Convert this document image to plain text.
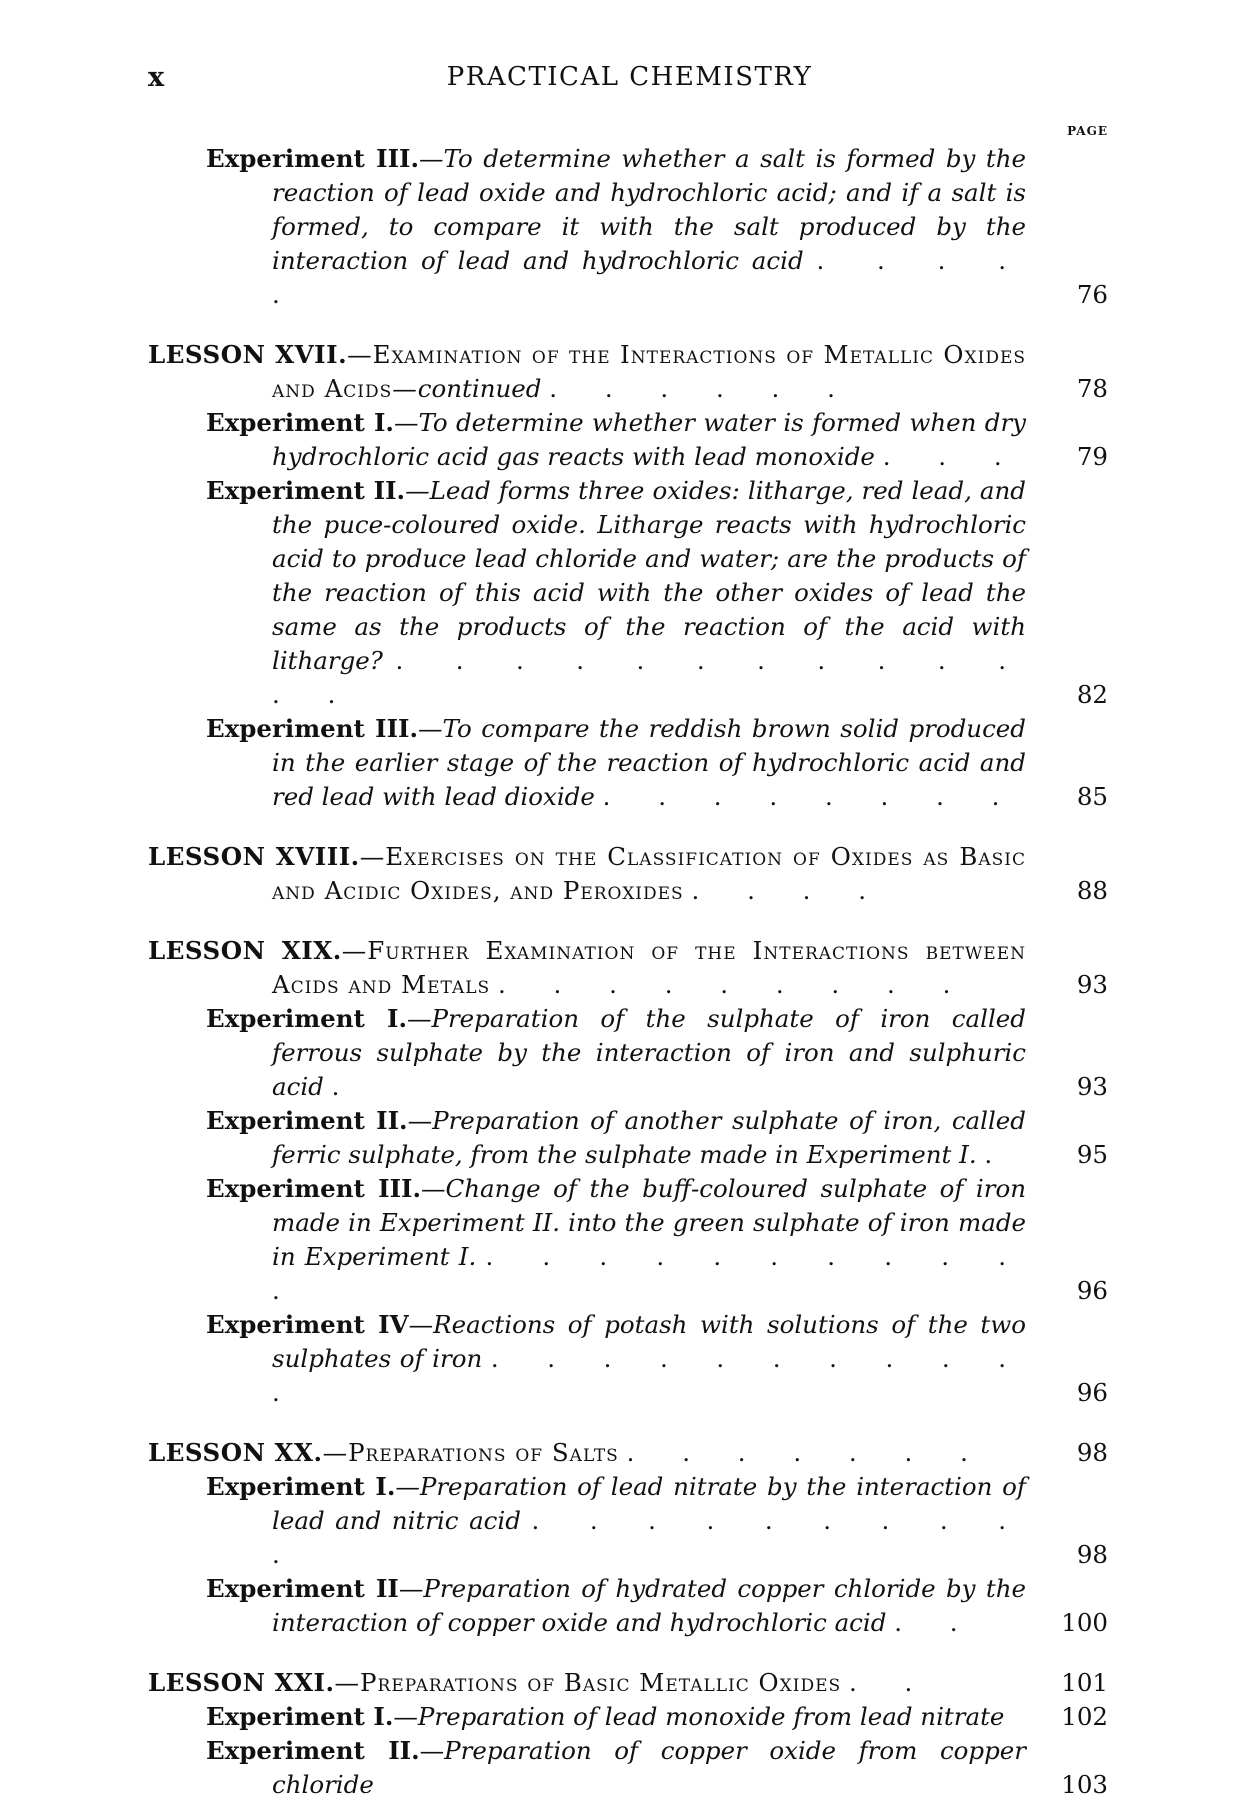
x	PRACTICAL CHEMISTRY
PAGE
Experiment III.—To determine whether a salt is formed by the reaction of lead oxide and hydrochloric acid; and if a salt is formed, to compare it with the salt produced by the interaction of lead and hydrochloric acid . . . . .	76
LESSON XVII.—Examination of the Interactions of Metallic Oxides and Acids—continued . . . . . .	78
Experiment I.—To determine whether water is formed when dry hydrochloric acid gas reacts with lead monoxide . . .	79
Experiment II.—Lead forms three oxides: litharge, red lead, and the puce-coloured oxide. Litharge reacts with hydrochloric acid to produce lead chloride and water; are the products of the reaction of this acid with the other oxides of lead the same as the products of the reaction of the acid with litharge? . . . . . . . . . . . . .	82
Experiment III.—To compare the reddish brown solid produced in the earlier stage of the reaction of hydrochloric acid and red lead with lead dioxide . . . . . . . .	85
LESSON XVIII.—Exercises on the Classification of Oxides as Basic and Acidic Oxides, and Peroxides . . . .	88
LESSON XIX.—Further Examination of the Interactions between Acids and Metals . . . . . . . . .	93
Experiment I.—Preparation of the sulphate of iron called ferrous sulphate by the interaction of iron and sulphuric acid .	93
Experiment II.—Preparation of another sulphate of iron, called ferric sulphate, from the sulphate made in Experiment I. .	95
Experiment III.—Change of the buff-coloured sulphate of iron made in Experiment II. into the green sulphate of iron made in Experiment I. . . . . . . . . . . .	96
Experiment IV—Reactions of potash with solutions of the two sulphates of iron . . . . . . . . . . .	96
LESSON XX.—Preparations of Salts . . . . . . .	98
Experiment I.—Preparation of lead nitrate by the interaction of lead and nitric acid . . . . . . . . . .	98
Experiment II—Preparation of hydrated copper chloride by the interaction of copper oxide and hydrochloric acid . .	100
LESSON XXI.—Preparations of Basic Metallic Oxides . .	101
Experiment I.—Preparation of lead monoxide from lead nitrate	102
Experiment II.—Preparation of copper oxide from copper chloride	103
